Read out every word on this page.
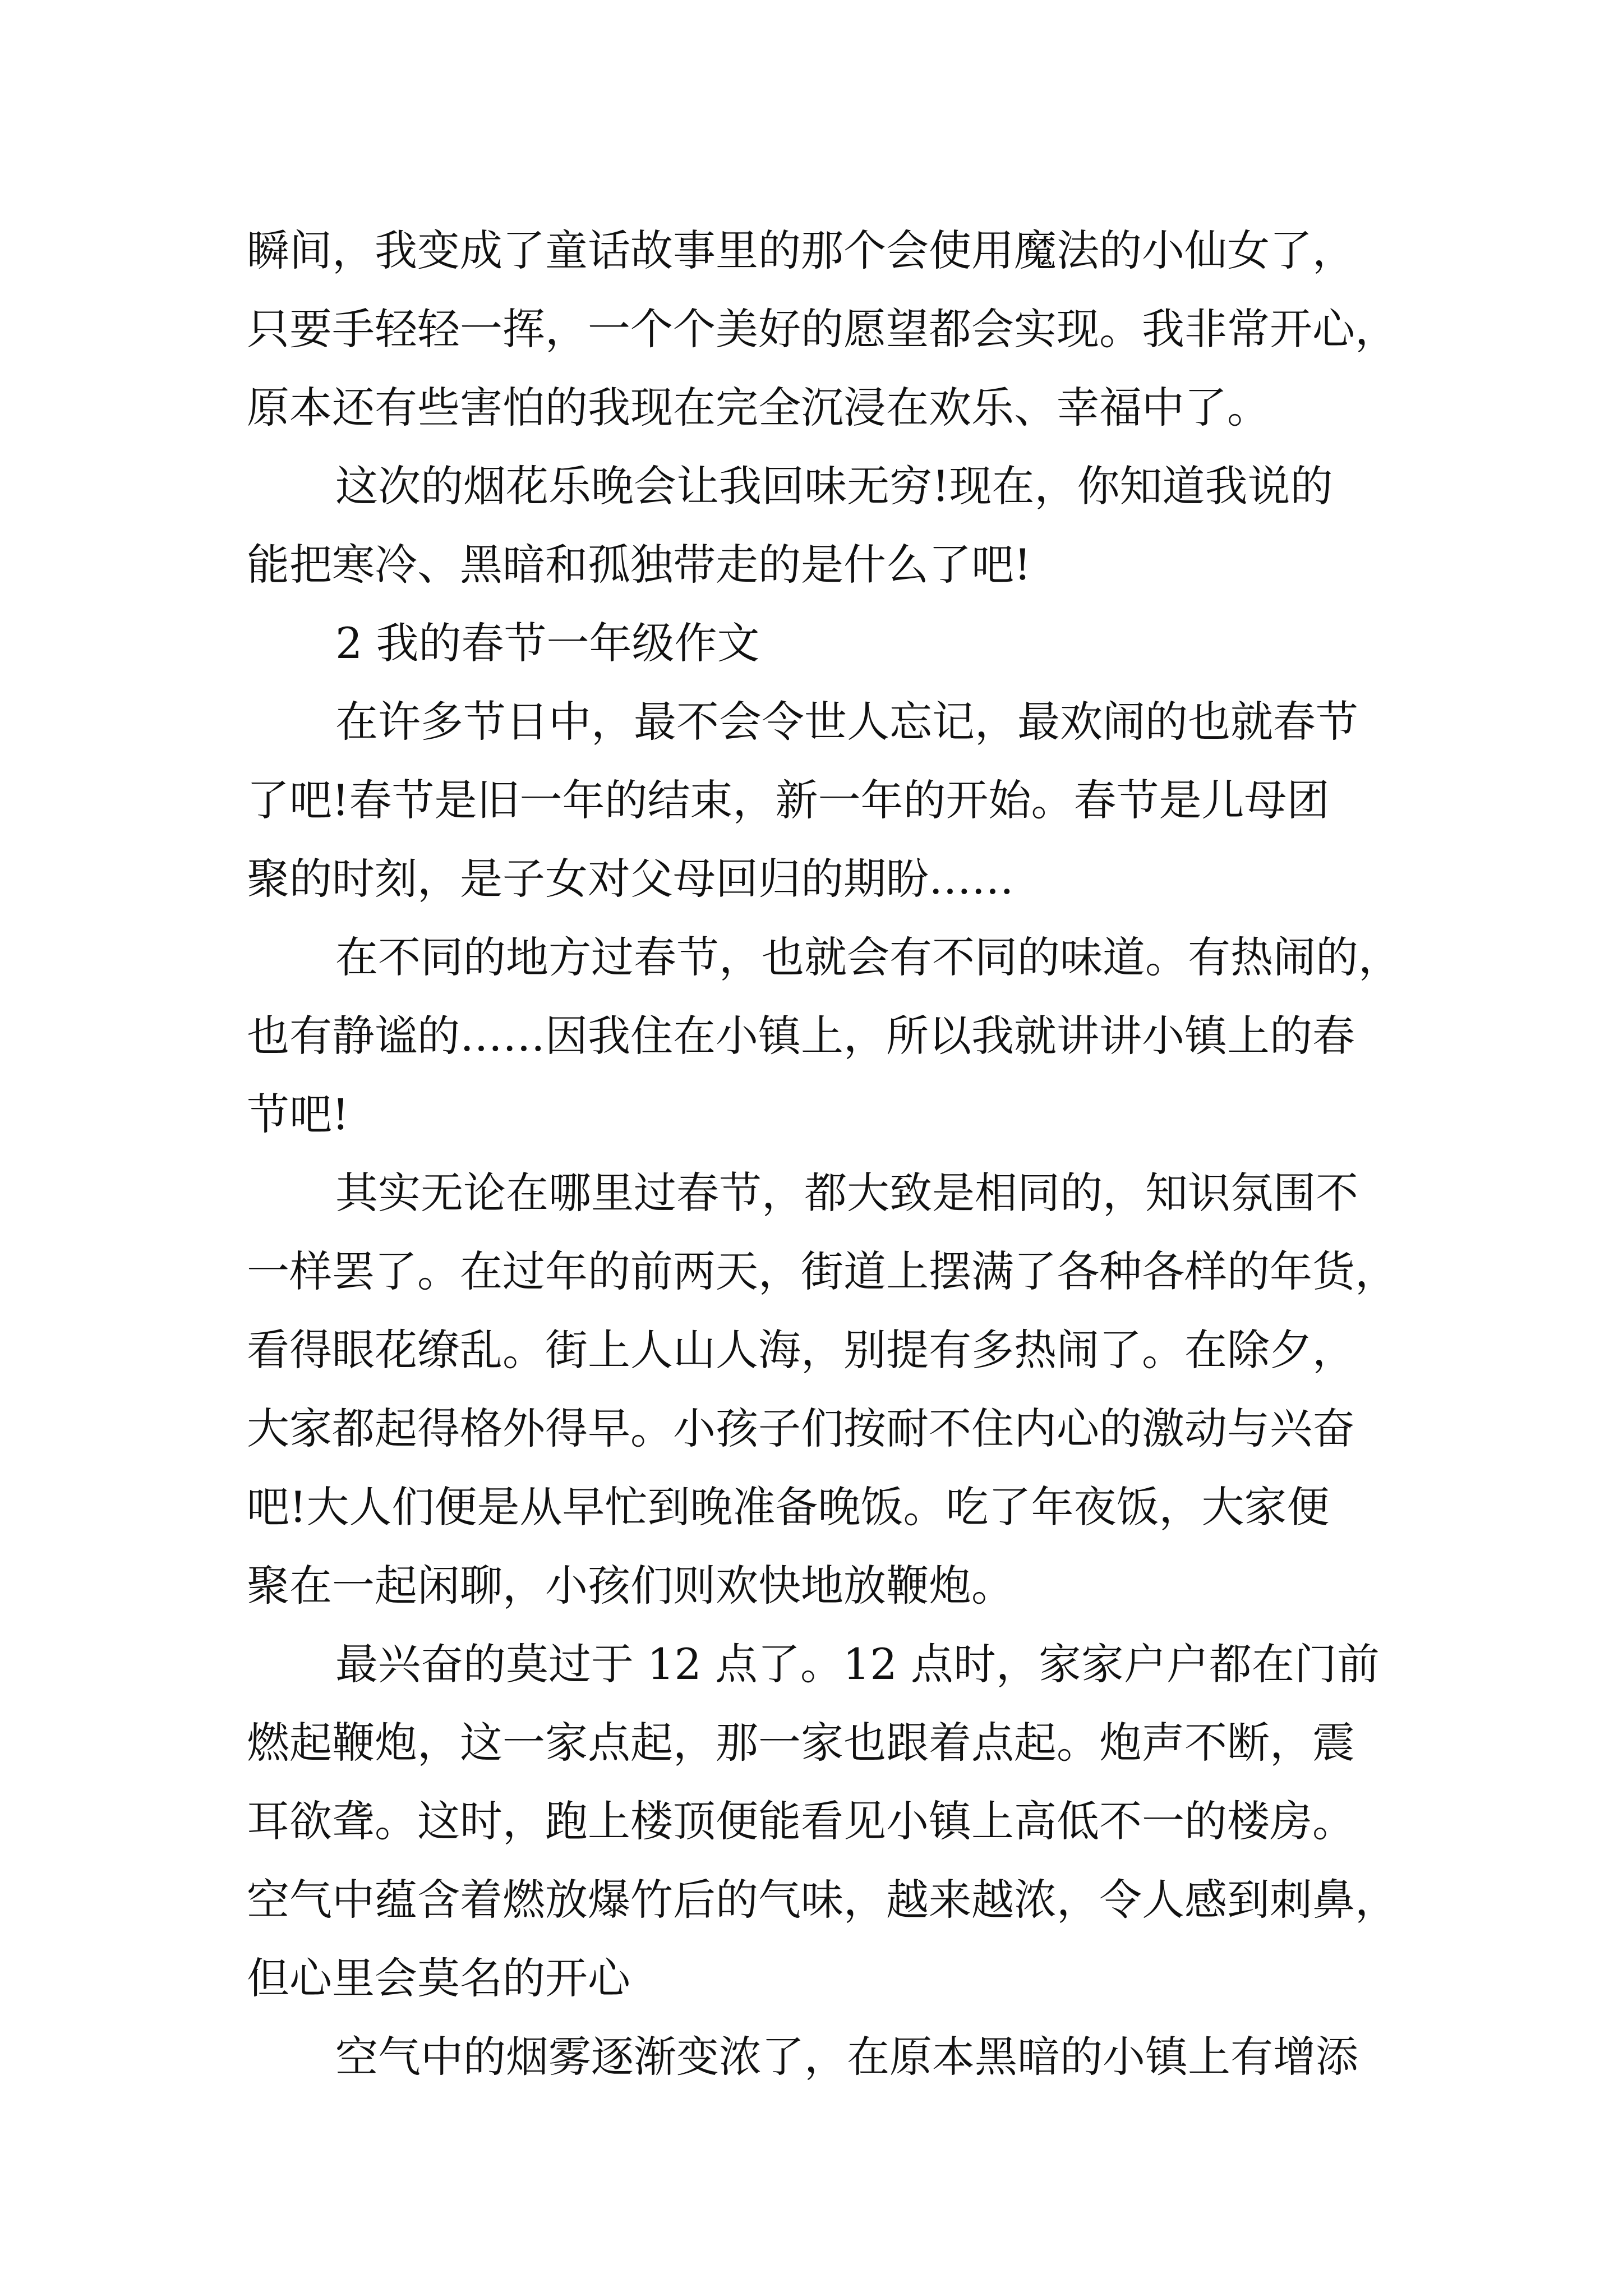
瞬间，我变成了童话故事里的那个会使用魔法的小仙女了，
只要手轻轻一挥，一个个美好的愿望都会实现。我非常开心，
原本还有些害怕的我现在完全沉浸在欢乐、幸福中了。
这次的烟花乐晚会让我回味无穷!现在，你知道我说的
能把寒冷、黑暗和孤独带走的是什么了吧!
2 我的春节一年级作文
在许多节日中，最不会令世人忘记，最欢闹的也就春节
了吧!春节是旧一年的结束，新一年的开始。春节是儿母团
聚的时刻，是子女对父母回归的期盼……
在不同的地方过春节，也就会有不同的味道。有热闹的，
也有静谧的……因我住在小镇上，所以我就讲讲小镇上的春
节吧!
其实无论在哪里过春节，都大致是相同的，知识氛围不
一样罢了。在过年的前两天，街道上摆满了各种各样的年货，
看得眼花缭乱。街上人山人海，别提有多热闹了。在除夕，
大家都起得格外得早。小孩子们按耐不住内心的激动与兴奋
吧!大人们便是从早忙到晚准备晚饭。吃了年夜饭，大家便
聚在一起闲聊，小孩们则欢快地放鞭炮。
最兴奋的莫过于 12 点了。12 点时，家家户户都在门前
燃起鞭炮，这一家点起，那一家也跟着点起。炮声不断，震
耳欲聋。这时，跑上楼顶便能看见小镇上高低不一的楼房。
空气中蕴含着燃放爆竹后的气味，越来越浓，令人感到刺鼻，
但心里会莫名的开心
空气中的烟雾逐渐变浓了，在原本黑暗的小镇上有增添
